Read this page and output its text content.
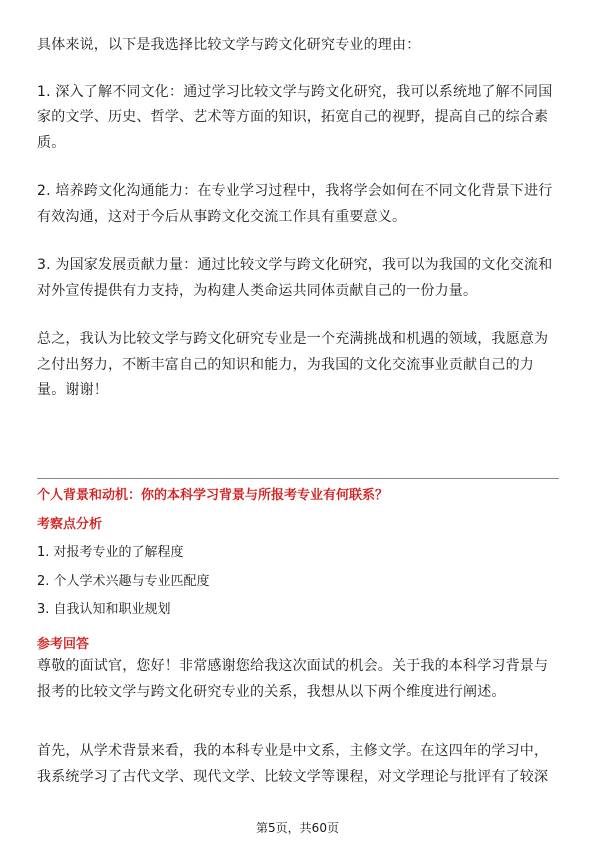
具体来说，以下是我选择比较文学与跨文化研究专业的理由：

1. 深入了解不同文化：通过学习比较文学与跨文化研究，我可以系统地了解不同国家的文学、历史、哲学、艺术等方面的知识，拓宽自己的视野，提高自己的综合素质。

2. 培养跨文化沟通能力：在专业学习过程中，我将学会如何在不同文化背景下进行有效沟通，这对于今后从事跨文化交流工作具有重要意义。

3. 为国家发展贡献力量：通过比较文学与跨文化研究，我可以为我国的文化交流和对外宣传提供有力支持，为构建人类命运共同体贡献自己的一份力量。

总之，我认为比较文学与跨文化研究专业是一个充满挑战和机遇的领域，我愿意为之付出努力，不断丰富自己的知识和能力，为我国的文化交流事业贡献自己的力量。谢谢！

个人背景和动机：你的本科学习背景与所报考专业有何联系？

考察点分析

1. 对报考专业的了解程度

2. 个人学术兴趣与专业匹配度

3. 自我认知和职业规划

参考回答

尊敬的面试官，您好！非常感谢您给我这次面试的机会。关于我的本科学习背景与报考的比较文学与跨文化研究专业的关系，我想从以下两个维度进行阐述。

首先，从学术背景来看，我的本科专业是中文系，主修文学。在这四年的学习中，我系统学习了古代文学、现代文学、比较文学等课程，对文学理论与批评有了较深

第5页，共60页
